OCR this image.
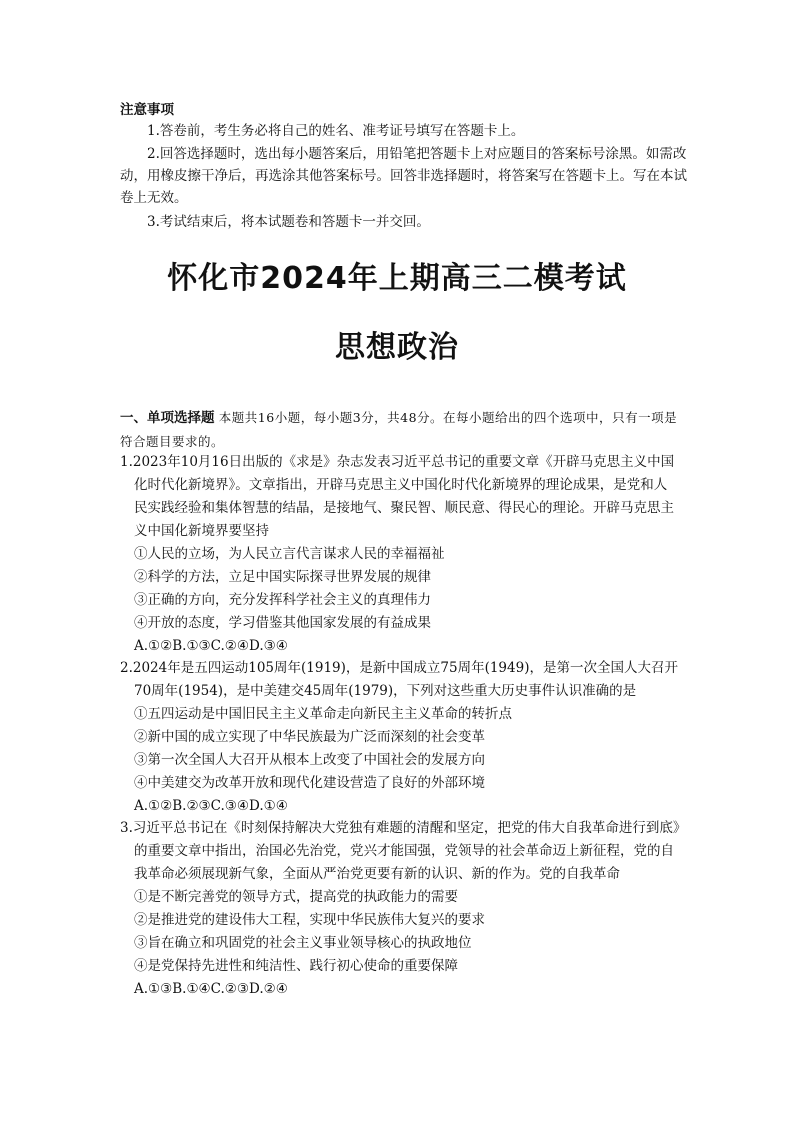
注意事项
1.答卷前，考生务必将自己的姓名、准考证号填写在答题卡上。
2.回答选择题时，选出每小题答案后，用铅笔把答题卡上对应题目的答案标号涂黑。如需改动，用橡皮擦干净后，再选涂其他答案标号。回答非选择题时，将答案写在答题卡上。写在本试卷上无效。
3.考试结束后，将本试题卷和答题卡一并交回。
怀化市2024年上期高三二模考试
思想政治
一、单项选择题 本题共16小题，每小题3分，共48分。在每小题给出的四个选项中，只有一项是符合题目要求的。
1.2023年10月16日出版的《求是》杂志发表习近平总书记的重要文章《开辟马克思主义中国化时代化新境界》。文章指出，开辟马克思主义中国化时代化新境界的理论成果，是党和人民实践经验和集体智慧的结晶，是接地气、聚民智、顺民意、得民心的理论。开辟马克思主义中国化新境界要坚持
①人民的立场，为人民立言代言谋求人民的幸福福祉
②科学的方法，立足中国实际探寻世界发展的规律
③正确的方向，充分发挥科学社会主义的真理伟力
④开放的态度，学习借鉴其他国家发展的有益成果
A.①②B.①③C.②④D.③④
2.2024年是五四运动105周年(1919)，是新中国成立75周年(1949)，是第一次全国人大召开70周年(1954)，是中美建交45周年(1979)，下列对这些重大历史事件认识准确的是
①五四运动是中国旧民主主义革命走向新民主主义革命的转折点
②新中国的成立实现了中华民族最为广泛而深刻的社会变革
③第一次全国人大召开从根本上改变了中国社会的发展方向
④中美建交为改革开放和现代化建设营造了良好的外部环境
A.①②B.②③C.③④D.①④
3.习近平总书记在《时刻保持解决大党独有难题的清醒和坚定，把党的伟大自我革命进行到底》的重要文章中指出，治国必先治党，党兴才能国强，党领导的社会革命迈上新征程，党的自我革命必须展现新气象，全面从严治党更要有新的认识、新的作为。党的自我革命
①是不断完善党的领导方式，提高党的执政能力的需要
②是推进党的建设伟大工程，实现中华民族伟大复兴的要求
③旨在确立和巩固党的社会主义事业领导核心的执政地位
④是党保持先进性和纯洁性、践行初心使命的重要保障
A.①③B.①④C.②③D.②④
